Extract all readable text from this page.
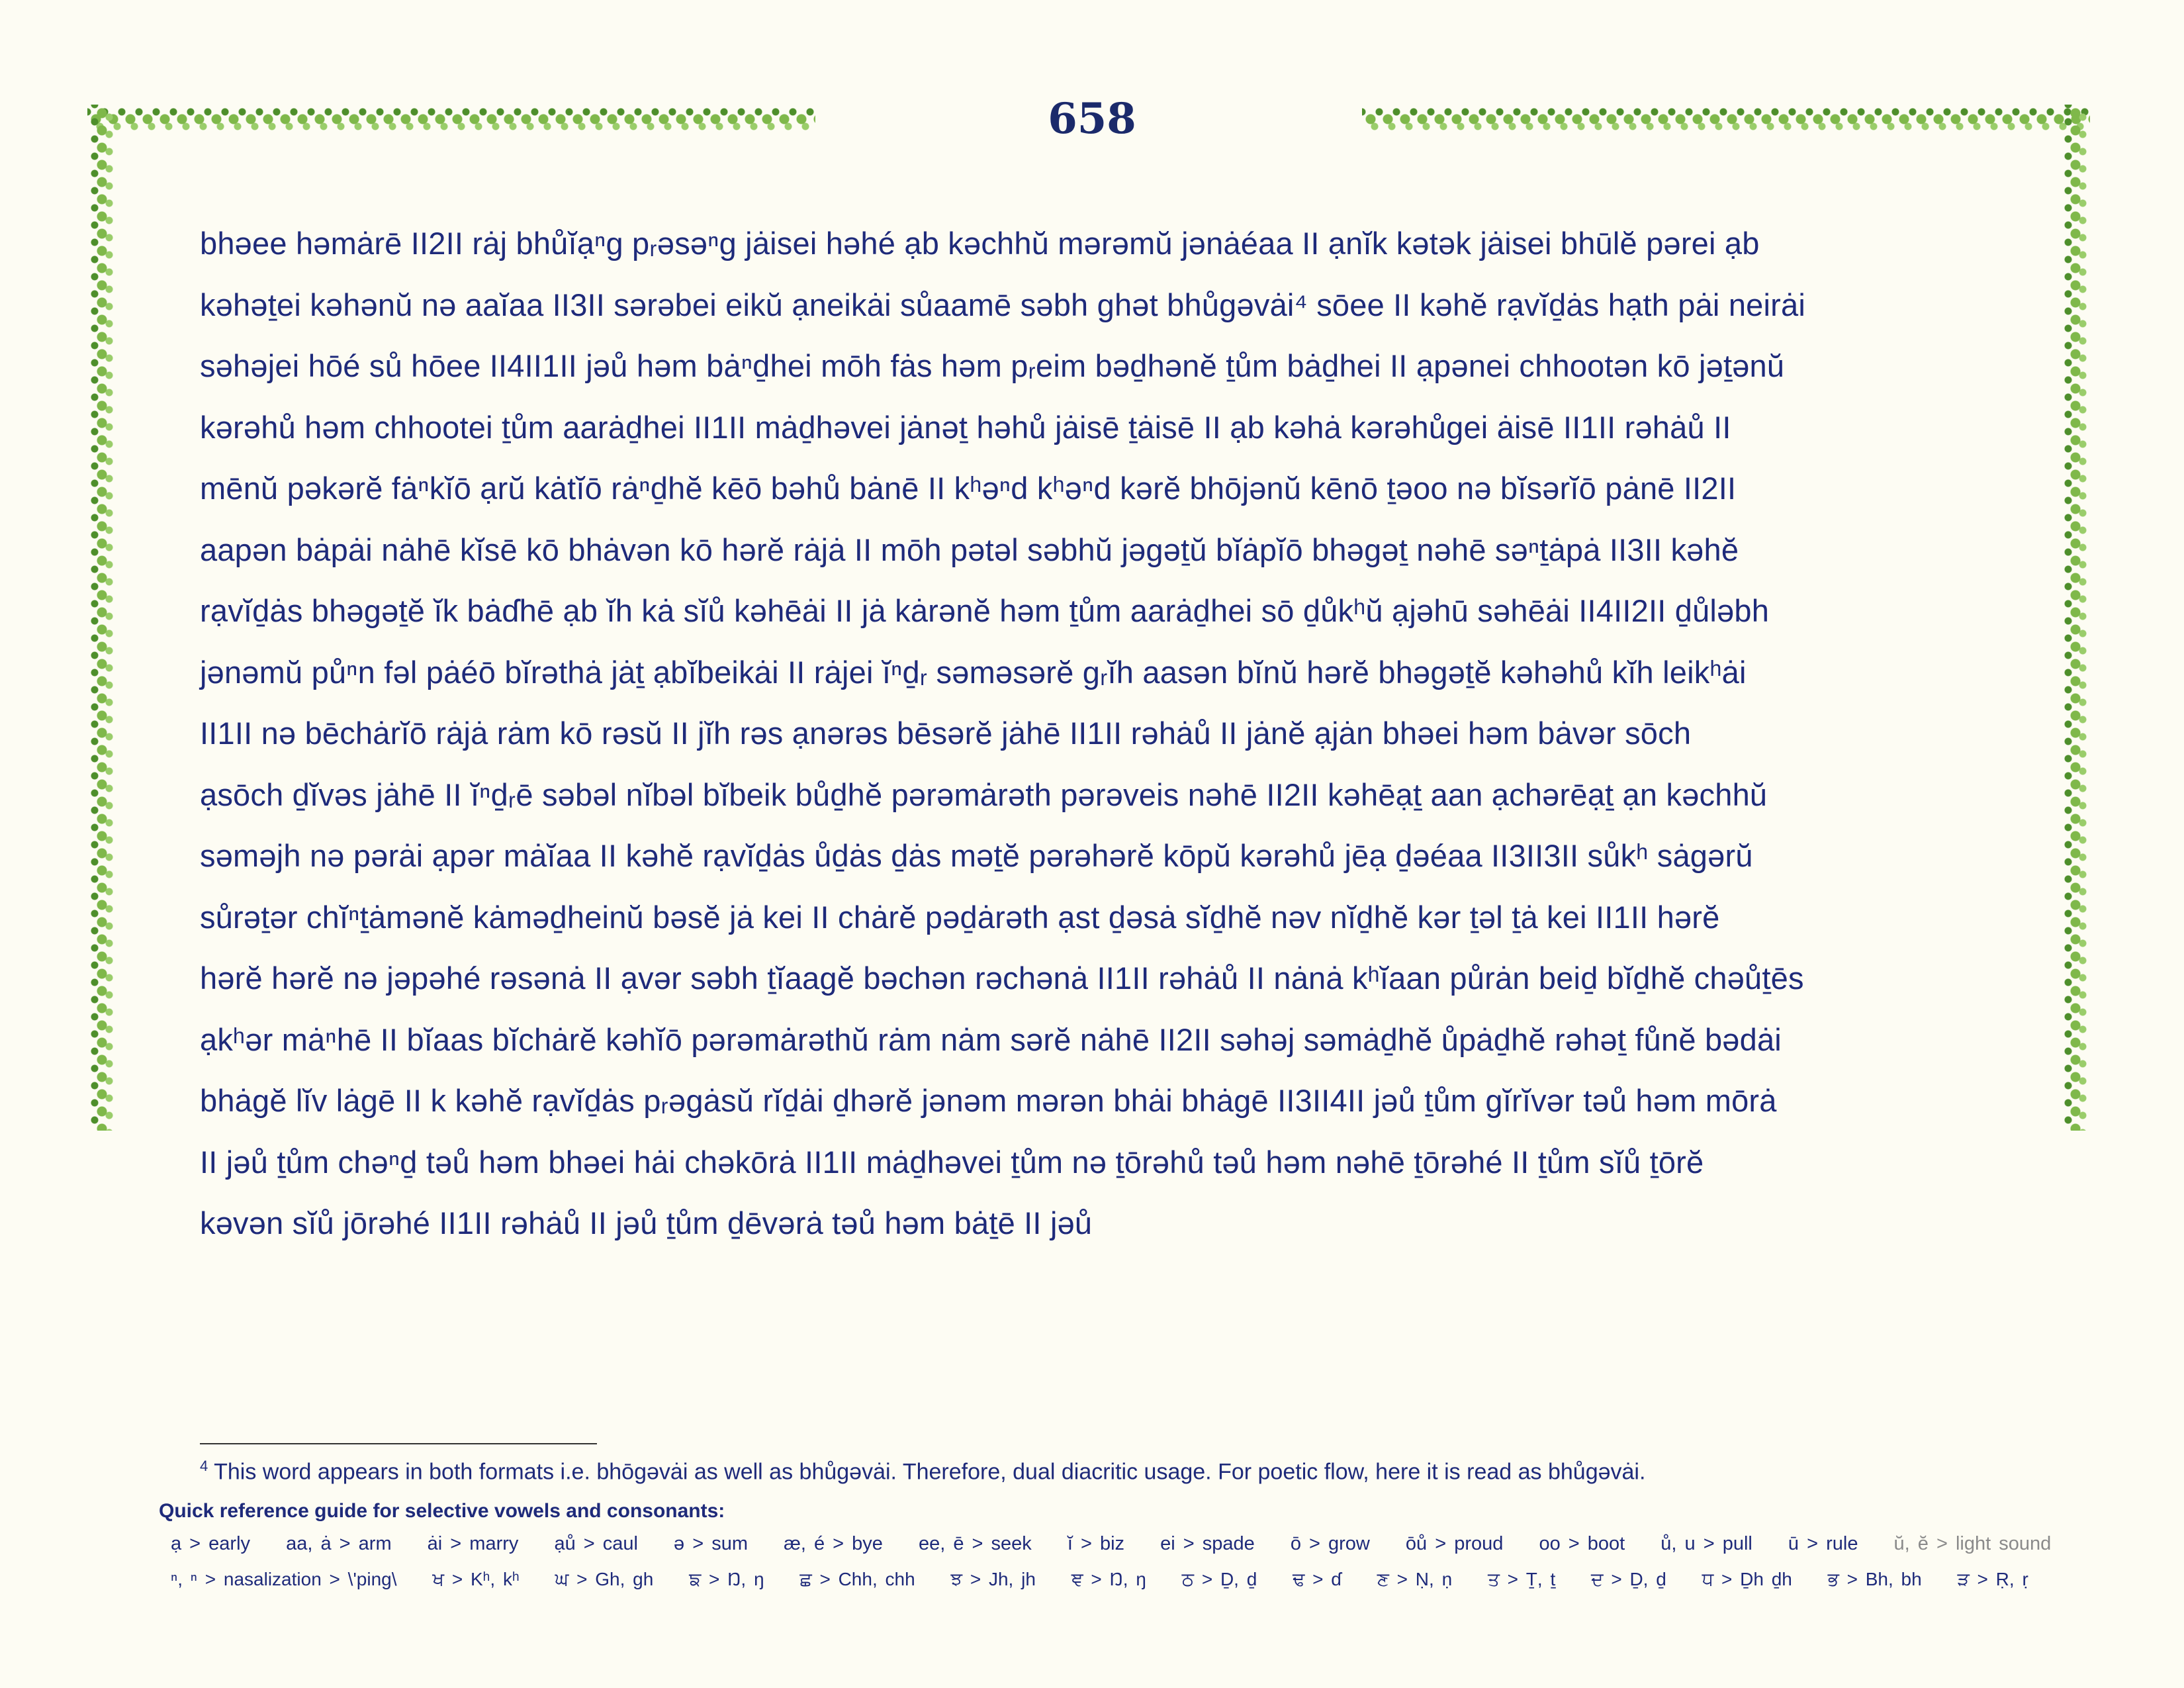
658
bhəee həmȧrē II2II rȧj bhůĭạⁿg pᵣəsəⁿg jȧisei həhé ạb kəchhŭ mərəmŭ jənȧéaa II ạnĭk kətək jȧisei bhūlĕ pərei ạb
kəhəṯei kəhənŭ nə aaĭaa II3II sərəbei eikŭ ạneikȧi sůaamē səbh ghət bhůgəvȧi⁴ sōee II kəhĕ rạvĭḏȧs hạth pȧi neirȧi
səhəjei hōé sů hōee II4II1II jəů həm bȧⁿḏhei mōh fȧs həm pᵣeim bəḏhənĕ ṯům bȧḏhei II ạpənei chhootən kō jəṯənŭ
kərəhů həm chhootei ṯům aarȧḏhei II1II mȧḏhəvei jȧnəṯ həhů jȧisē ṯȧisē II ạb kəhȧ kərəhůgei ȧisē II1II rəhȧů II
mēnŭ pəkərĕ fȧⁿkĭō ạrŭ kȧtĭō rȧⁿḏhĕ kēō bəhů bȧnē II kʰəⁿd kʰəⁿd kərĕ bhōjənŭ kēnō ṯəoo nə bĭsərĭō pȧnē II2II
aapən bȧpȧi nȧhē kĭsē kō bhȧvən kō hərĕ rȧjȧ II mōh pətəl səbhŭ jəgəṯŭ bĭȧpĭō bhəgəṯ nəhē səⁿṯȧpȧ II3II kəhĕ
rạvĭḏȧs bhəgəṯĕ ĭk bȧɗhē ạb ĭh kȧ sĭů kəhēȧi II jȧ kȧrənĕ həm ṯům aarȧḏhei sō ḏůkʰŭ ạjəhū səhēȧi II4II2II ḏůləbh
jənəmŭ půⁿn fəl pȧéō bĭrəthȧ jȧṯ ạbĭbeikȧi II rȧjei ĭⁿḏᵣ səməsərĕ gᵣĭh aasən bĭnŭ hərĕ bhəgəṯĕ kəhəhů kĭh leikʰȧi
II1II nə bēchȧrĭō rȧjȧ rȧm kō rəsŭ II jĭh rəs ạnərəs bēsərĕ jȧhē II1II rəhȧů II jȧnĕ ạjȧn bhəei həm bȧvər sōch
ạsōch ḏĭvəs jȧhē II ĭⁿḏᵣē səbəl nĭbəl bĭbeik bůḏhĕ pərəmȧrəth pərəveis nəhē II2II kəhēạṯ aan ạchərēạṯ ạn kəchhŭ
səməjh nə pərȧi ạpər mȧĭaa II kəhĕ rạvĭḏȧs ůḏȧs ḏȧs məṯĕ pərəhərĕ kōpŭ kərəhů jēạ ḏəéaa II3II3II sůkʰ sȧgərŭ
sůrəṯər chĭⁿṯȧmənĕ kȧməḏheinŭ bəsĕ jȧ kei II chȧrĕ pəḏȧrəth ạst ḏəsȧ sĭḏhĕ nəv nĭḏhĕ kər ṯəl ṯȧ kei II1II hərĕ
hərĕ hərĕ nə jəpəhé rəsənȧ II ạvər səbh ṯĭaagĕ bəchən rəchənȧ II1II rəhȧů II nȧnȧ kʰĭaan půrȧn beiḏ bĭḏhĕ chəůṯēs
ạkʰər mȧⁿhē II bĭaas bĭchȧrĕ kəhĭō pərəmȧrəthŭ rȧm nȧm sərĕ nȧhē II2II səhəj səmȧḏhĕ ůpȧḏhĕ rəhəṯ fůnĕ bədȧi
bhȧgĕ lĭv lȧgē II k kəhĕ rạvĭḏȧs pᵣəgȧsŭ rĭḏȧi ḏhərĕ jənəm mərən bhȧi bhȧgē II3II4II jəů ṯům gĭrĭvər təů həm mōrȧ
II jəů ṯům chəⁿḏ təů həm bhəei hȧi chəkōrȧ II1II mȧḏhəvei ṯům nə ṯōrəhů təů həm nəhē ṯōrəhé II ṯům sĭů ṯōrĕ
kəvən sĭů jōrəhé II1II rəhȧů II jəů ṯům ḏēvərȧ təů həm bȧṯē II jəů
$^4$ This word appears in both formats i.e. bhōgəvȧi as well as bhůgəvȧi. Therefore, dual diacritic usage. For poetic flow, here it is read as bhůgəvȧi.
Quick reference guide for selective vowels and consonants:
ạ > early aa, ȧ > arm ȧi > marry ạů > caul ə > sum æ, é > bye ee, ē > seek ĭ > biz ei > spade ō > grow ōů > proud oo > boot ů, u > pull ū > rule ŭ, ĕ > light sound
ⁿ, ⁿ > nasalization > \'ping\ ਖ > Kʰ, kʰ ਘ > Gh, gh ਙ > Ŋ, ŋ ਛ > Chh, chh ਝ > Jh, jh ਞ > Ŋ, ŋ ਠ > Ḏ, ḏ ਢ > ɗ ਣ > Ṇ, ṇ ਤ > Ṯ, ṯ ਦ > Ḏ, ḏ ਧ > Ḏh ḏh ਭ > Bh, bh ੜ > Ṛ, ṛ
